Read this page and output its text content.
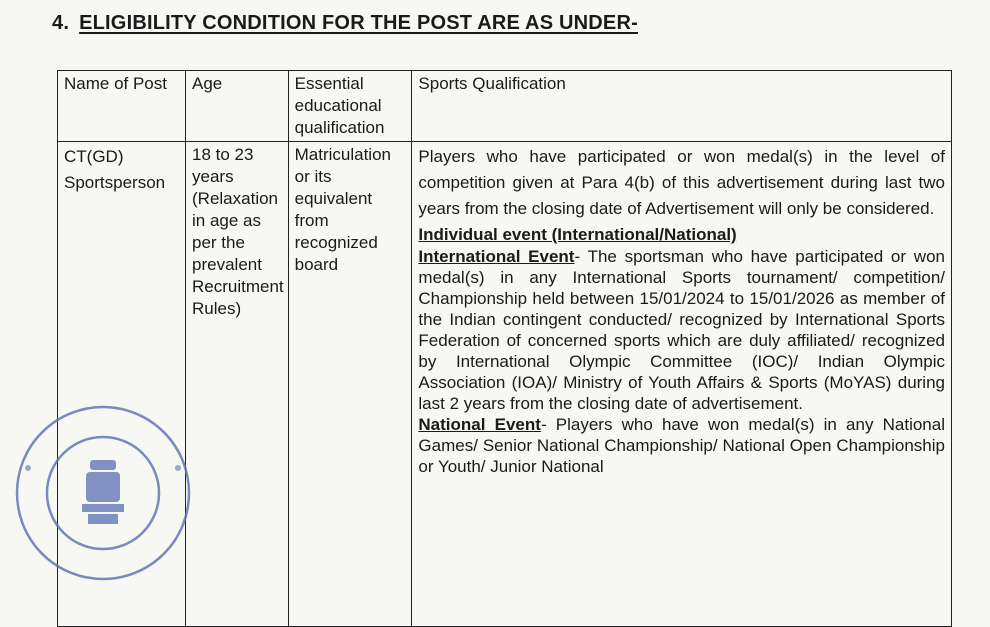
4. ELIGIBILITY CONDITION FOR THE POST ARE AS UNDER-
Name of Post	Age	Essential educational qualification	Sports Qualification
CT(GD) Sportsperson	18 to 23 years (Relaxation in age as per the prevalent Recruitment Rules)	Matriculation or its equivalent from recognized board	Players who have participated or won medal(s) in the level of competition given at Para 4(b) of this advertisement during last two years from the closing date of Advertisement will only be considered.

Individual event (International/National)

International Event- The sportsman who have participated or won medal(s) in any International Sports tournament/ competition/ Championship held between 15/01/2024 to 15/01/2026 as member of the Indian contingent conducted/ recognized by International Sports Federation of concerned sports which are duly affiliated/ recognized by International Olympic Committee (IOC)/ Indian Olympic Association (IOA)/ Ministry of Youth Affairs & Sports (MoYAS) during last 2 years from the closing date of advertisement.

National Event- Players who have won medal(s) in any National Games/ Senior National Championship/ National Open Championship or Youth/ Junior National
